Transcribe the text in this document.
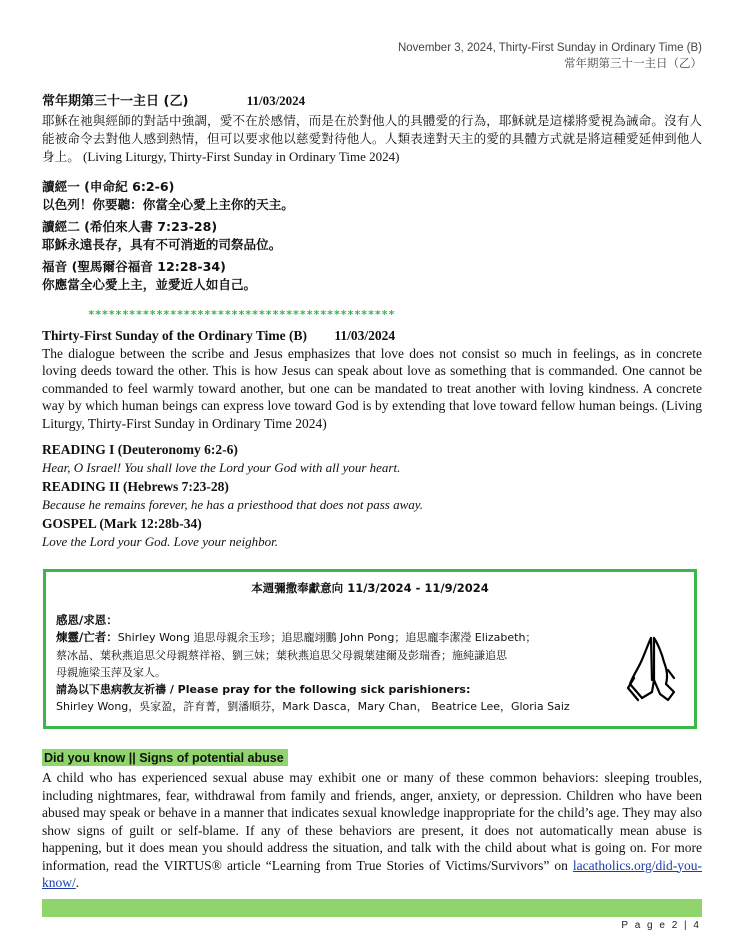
November 3, 2024, Thirty-First Sunday in Ordinary Time (B)
常年期第三十一主日（乙）
常年期第三十一主日 (乙)	11/03/2024
耶穌在祂與經師的對話中強調，愛不在於感情，而是在於對他人的具體愛的行為，耶穌就是這樣將愛視為誡命。沒有人能被命令去對他人感到熱情，但可以要求他以慈愛對待他人。人類表達對天主的愛的具體方式就是將這種愛延伸到他人身上。 (Living Liturgy, Thirty-First Sunday in Ordinary Time 2024)
讀經一 (申命紀 6:2-6)
以色列！你要聽：你當全心愛上主你的天主。
讀經二 (希伯來人書 7:23-28)
耶穌永遠長存，具有不可消逝的司祭品位。
福音 (聖馬爾谷福音 12:28-34)
你應當全心愛上主，並愛近人如自己。
*********************************************
Thirty-First Sunday of the Ordinary Time (B) 11/03/2024
The dialogue between the scribe and Jesus emphasizes that love does not consist so much in feelings, as in concrete loving deeds toward the other. This is how Jesus can speak about love as something that is commanded. One cannot be commanded to feel warmly toward another, but one can be mandated to treat another with loving kindness. A concrete way by which human beings can express love toward God is by extending that love toward fellow human beings. (Living Liturgy, Thirty-First Sunday in Ordinary Time 2024)
READING I (Deuteronomy 6:2-6)
Hear, O Israel! You shall love the Lord your God with all your heart.
READING II (Hebrews 7:23-28)
Because he remains forever, he has a priesthood that does not pass away.
GOSPEL (Mark 12:28b-34)
Love the Lord your God. Love your neighbor.
本週彌撒奉獻意向 11/3/2024 - 11/9/2024
感恩/求恩：
煉靈/亡者：Shirley Wong 追思母親余玉珍；追思龐翊鵬 John Pong；追思龐李潔瀅 Elizabeth；
蔡冰晶、葉秋燕追思父母親蔡祥裕、劉三妹；葉秋燕追思父母親葉建爾及彭瑞香；施純謙追思
母親施梁玉萍及家人。
請為以下患病教友祈禱 / Please pray for the following sick parishioners:
Shirley Wong，吳家盈，許育菁，劉潘順芬，Mark Dasca，Mary Chan， Beatrice Lee，Gloria Saiz
Did you know || Signs of potential abuse
A child who has experienced sexual abuse may exhibit one or many of these common behaviors: sleeping troubles, including nightmares, fear, withdrawal from family and friends, anger, anxiety, or depression. Children who have been abused may speak or behave in a manner that indicates sexual knowledge inappropriate for the child’s age. They may also show signs of guilt or self-blame. If any of these behaviors are present, it does not automatically mean abuse is happening, but it does mean you should address the situation, and talk with the child about what is going on. For more information, read the VIRTUS® article “Learning from True Stories of Victims/Survivors” on lacatholics.org/did-you-know/.
P a g e 2 | 4
